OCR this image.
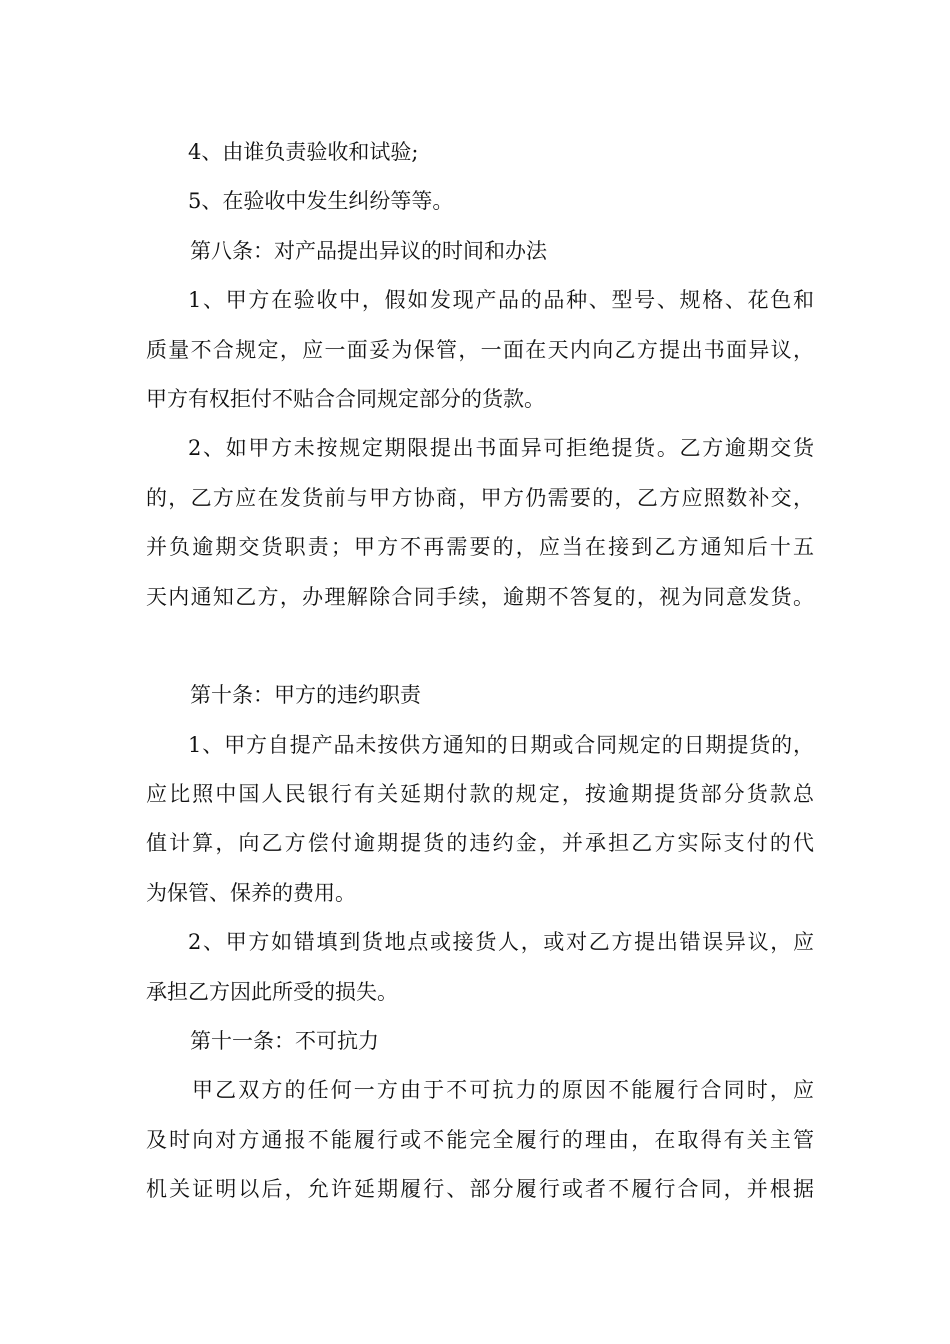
4、由谁负责验收和试验;
5、在验收中发生纠纷等等。
第八条：对产品提出异议的时间和办法
1、甲方在验收中，假如发现产品的品种、型号、规格、花色和
质量不合规定，应一面妥为保管，一面在天内向乙方提出书面异议，
甲方有权拒付不贴合合同规定部分的货款。
2、如甲方未按规定期限提出书面异可拒绝提货。乙方逾期交货
的，乙方应在发货前与甲方协商，甲方仍需要的，乙方应照数补交，
并负逾期交货职责；甲方不再需要的，应当在接到乙方通知后十五
天内通知乙方，办理解除合同手续，逾期不答复的，视为同意发货。
第十条：甲方的违约职责
1、甲方自提产品未按供方通知的日期或合同规定的日期提货的，
应比照中国人民银行有关延期付款的规定，按逾期提货部分货款总
值计算，向乙方偿付逾期提货的违约金，并承担乙方实际支付的代
为保管、保养的费用。
2、甲方如错填到货地点或接货人，或对乙方提出错误异议，应
承担乙方因此所受的损失。
第十一条：不可抗力
甲乙双方的任何一方由于不可抗力的原因不能履行合同时，应
及时向对方通报不能履行或不能完全履行的理由，在取得有关主管
机关证明以后，允许延期履行、部分履行或者不履行合同，并根据
